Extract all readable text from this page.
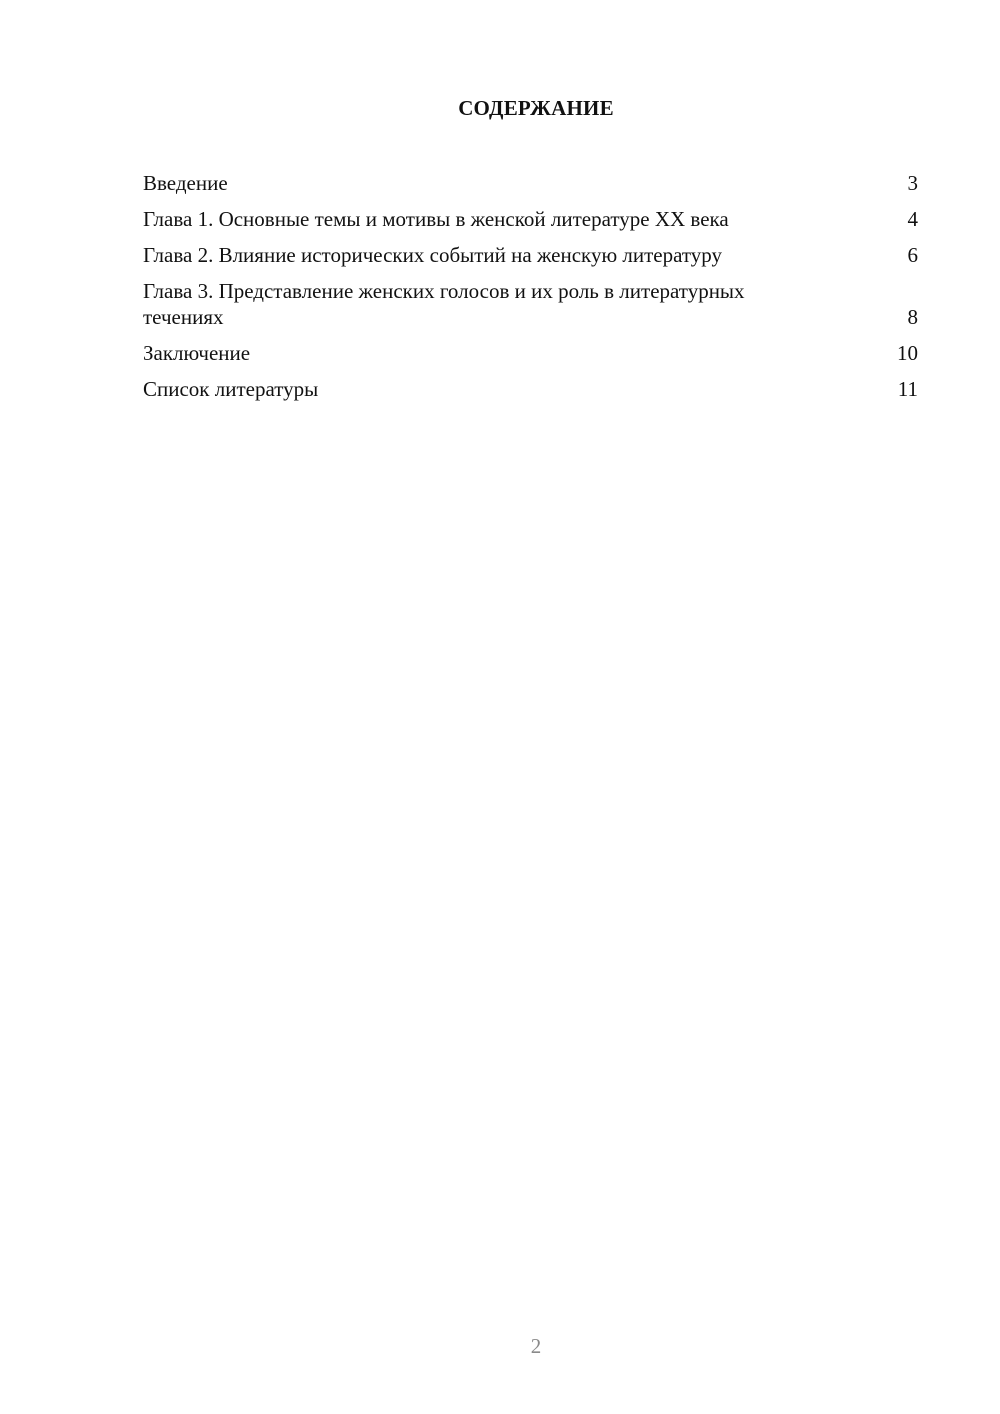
СОДЕРЖАНИЕ
Введение	3
Глава 1. Основные темы и мотивы в женской литературе XX века	4
Глава 2. Влияние исторических событий на женскую литературу	6
Глава 3. Представление женских голосов и их роль в литературных течениях	8
Заключение	10
Список литературы	11
2
